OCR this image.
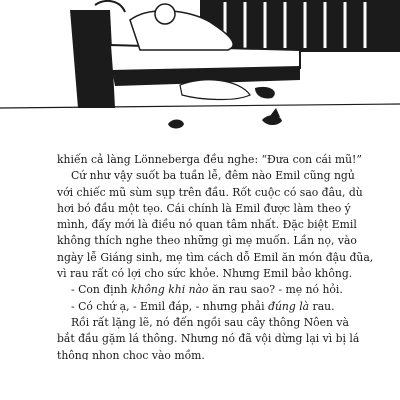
khiến cả làng Lönneberga đều nghe: “Đưa con cái mũ!”
Cứ như vậy suốt ba tuần lễ, đêm nào Emil cũng ngủ
với chiếc mũ sùm sụp trên đầu. Rốt cuộc có sao đâu, dù
hơi bó đầu một tẹo. Cái chính là Emil được làm theo ý
mình, đấy mới là điều nó quan tâm nhất. Đặc biệt Emil
không thích nghe theo những gì mẹ muốn. Lần nọ, vào
ngày lễ Giáng sinh, mẹ tìm cách dỗ Emil ăn món đậu đũa,
vì rau rất có lợi cho sức khỏe. Nhưng Emil bảo không.
- Con định không khi nào ăn rau sao? - mẹ nó hỏi.
- Có chứ ạ, - Emil đáp, - nhưng phải đúng là rau.
Rồi rất lặng lẽ, nó đến ngồi sau cây thông Nôen và
bắt đầu gặm lá thông. Nhưng nó đã vội dừng lại vì bị lá
thông nhọn chọc vào mồm.
